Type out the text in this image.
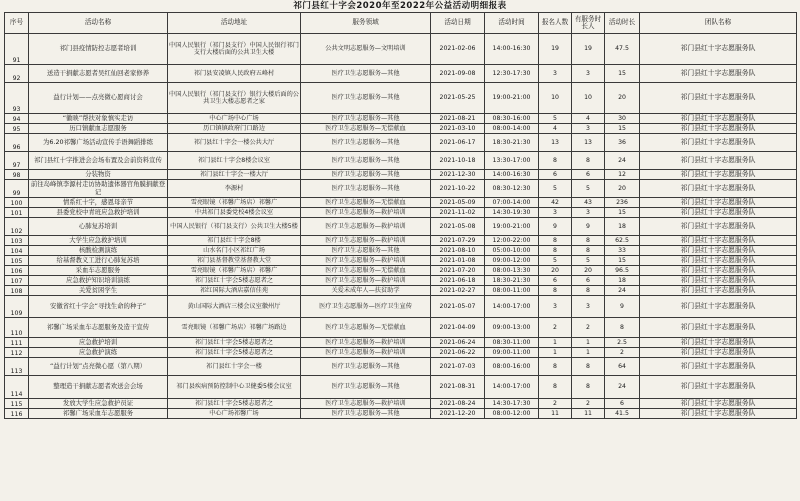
祁门县红十字会2020年至2022年公益活动明细报表
序号	活动名称	活动地址	服务领域	活动日期	活动时间	报名人数	有服务时长人	活动时长	团队名称
91	祁门县疫情防控志愿者培训	中国人民银行（祁门县支行）中国人民银行祁门支行大楼后面的公共卫生大楼	公共文明志愿服务—文明培训	2021-02-06	14:00-16:30	19	19	47.5	祁门县红十字志愿服务队
92	送造干捐献志愿者吴红仙回老家修养	祁门县安凌镇人民政府五峰村	医疗卫生志愿服务—其他	2021-09-08	12:30-17:30	3	3	15	祁门县红十字志愿服务队
93	益行计划——点亮微心愿商讨会	中国人民银行（祁门县支行）银行大楼后面的公共卫生大楼志愿者之家	医疗卫生志愿服务—其他	2021-05-25	19:00-21:00	10	10	20	祁门县红十字志愿服务队
94	“徽映”帮扶对象慎实走访	中心广场中心广场	医疗卫生志愿服务—其他	2021-08-21	08:30-16:00	5	4	30	祁门县红十字志愿服务队
95	历口镇献血志愿服务	历口镇镇政府门口路边	医疗卫生志愿服务—无偿献血	2021-03-10	08:00-14:00	4	3	15	祁门县红十字志愿服务队
96	为6.20祁馨广场活动宣传手语舞蹈排练	祁门县红十字会一楼公共大厅	医疗卫生志愿服务—其他	2021-06-17	18:30-21:30	13	13	36	祁门县红十字志愿服务队
97	祁门县红十字推进会会场布置及会前资料宣传	祁门县红十字会8楼会议室	医疗卫生志愿服务—其他	2021-10-18	13:30-17:00	8	8	24	祁门县红十字志愿服务队
98	分装物资	祁门县红十字会一楼大厅	医疗卫生志愿服务—其他	2021-12-30	14:00-16:30	6	6	12	祁门县红十字志愿服务队
99	前往岛峰镇李源村走访协助遗体器官角膜捐献登记	李源村	医疗卫生志愿服务—其他	2021-10-22	08:30-12:30	5	5	20	祁门县红十字志愿服务队
100	情系红十字，感恩母亲节	雪亮眼镜（祁馨广场店）祁馨广	医疗卫生志愿服务—无偿献血	2021-05-09	07:00-14:00	42	43	236	祁门县红十字志愿服务队
101	县委党校中青班应急救护培训	中共祁门县委党校4楼会议室	医疗卫生志愿服务—救护培训	2021-11-02	14:30-19:30	3	3	15	祁门县红十字志愿服务队
102	心肺复苏培训	中国人民银行（祁门县支行）公共卫生大楼5楼	医疗卫生志愿服务—救护培训	2021-05-08	19:00-21:00	9	9	18	祁门县红十字志愿服务队
103	大学生应急救护培训	祁门县红十字会8楼	医疗卫生志愿服务—救护培训	2021-07-29	12:00-22:00	8	8	62.5	祁门县红十字志愿服务队
104	核酸检测演练	山水名门小区祁红广场	医疗卫生志愿服务—其他	2021-08-10	05:00-10:00	8	8	33	祁门县红十字志愿服务队
105	给基督教义工进行心肺复苏培	祁门县基督教堂基督教大堂	医疗卫生志愿服务—救护培训	2021-01-08	09:00-12:00	5	5	15	祁门县红十字志愿服务队
106	采血车志愿服务	雪亮眼镜（祁馨广场店）祁馨广	医疗卫生志愿服务—无偿献血	2021-07-20	08:00-13:30	20	20	96.5	祁门县红十字志愿服务队
107	应急救护知识培训演练	祁门县红十字会5楼志愿者之	医疗卫生志愿服务—救护培训	2021-06-18	18:30-21:30	6	6	18	祁门县红十字志愿服务队
108	关爱贫困学生	祁红国际大酒店嘉信佳苑	关爱未成年人—扶贫助学	2021-02-27	08:00-11:00	8	8	24	祁门县红十字志愿服务队
109	安徽省红十字会“寻找生命的种子”	黄山国际大酒店三楼会议室徽州厅	医疗卫生志愿服务—医疗卫生宣传	2021-05-07	14:00-17:00	3	3	9	祁门县红十字志愿服务队
110	祁馨广场采血车志愿服务及造干宣传	雪亮眼镜（祁馨广场店）祁馨广场路边	医疗卫生志愿服务—无偿献血	2021-04-09	09:00-13:00	2	2	8	祁门县红十字志愿服务队
111	应急救护培训	祁门县红十字会5楼志愿者之	医疗卫生志愿服务—救护培训	2021-06-24	08:30-11:00	1	1	2.5	祁门县红十字志愿服务队
112	应急救护演练	祁门县红十字会5楼志愿者之	医疗卫生志愿服务—救护培训	2021-06-22	09:00-11:00	1	1	2	祁门县红十字志愿服务队
113	“益行计划”点亮微心愿（第八期）	祁门县红十字会一楼	医疗卫生志愿服务—其他	2021-07-03	08:00-16:00	8	8	64	祁门县红十字志愿服务队
114	整理造干捐献志愿者欢送会会场	祁门县疾病预防控制中心卫健委5楼会议室	医疗卫生志愿服务—其他	2021-08-31	14:00-17:00	8	8	24	祁门县红十字志愿服务队
115	发放大学生应急救护员证	祁门县红十字会5楼志愿者之	医疗卫生志愿服务—救护培训	2021-08-24	14:30-17:30	2	2	6	祁门县红十字志愿服务队
116	祁馨广场采血车志愿服务	中心广场祁馨广场	医疗卫生志愿服务—其他	2021-12-20	08:00-12:00	11	11	41.5	祁门县红十字志愿服务队
